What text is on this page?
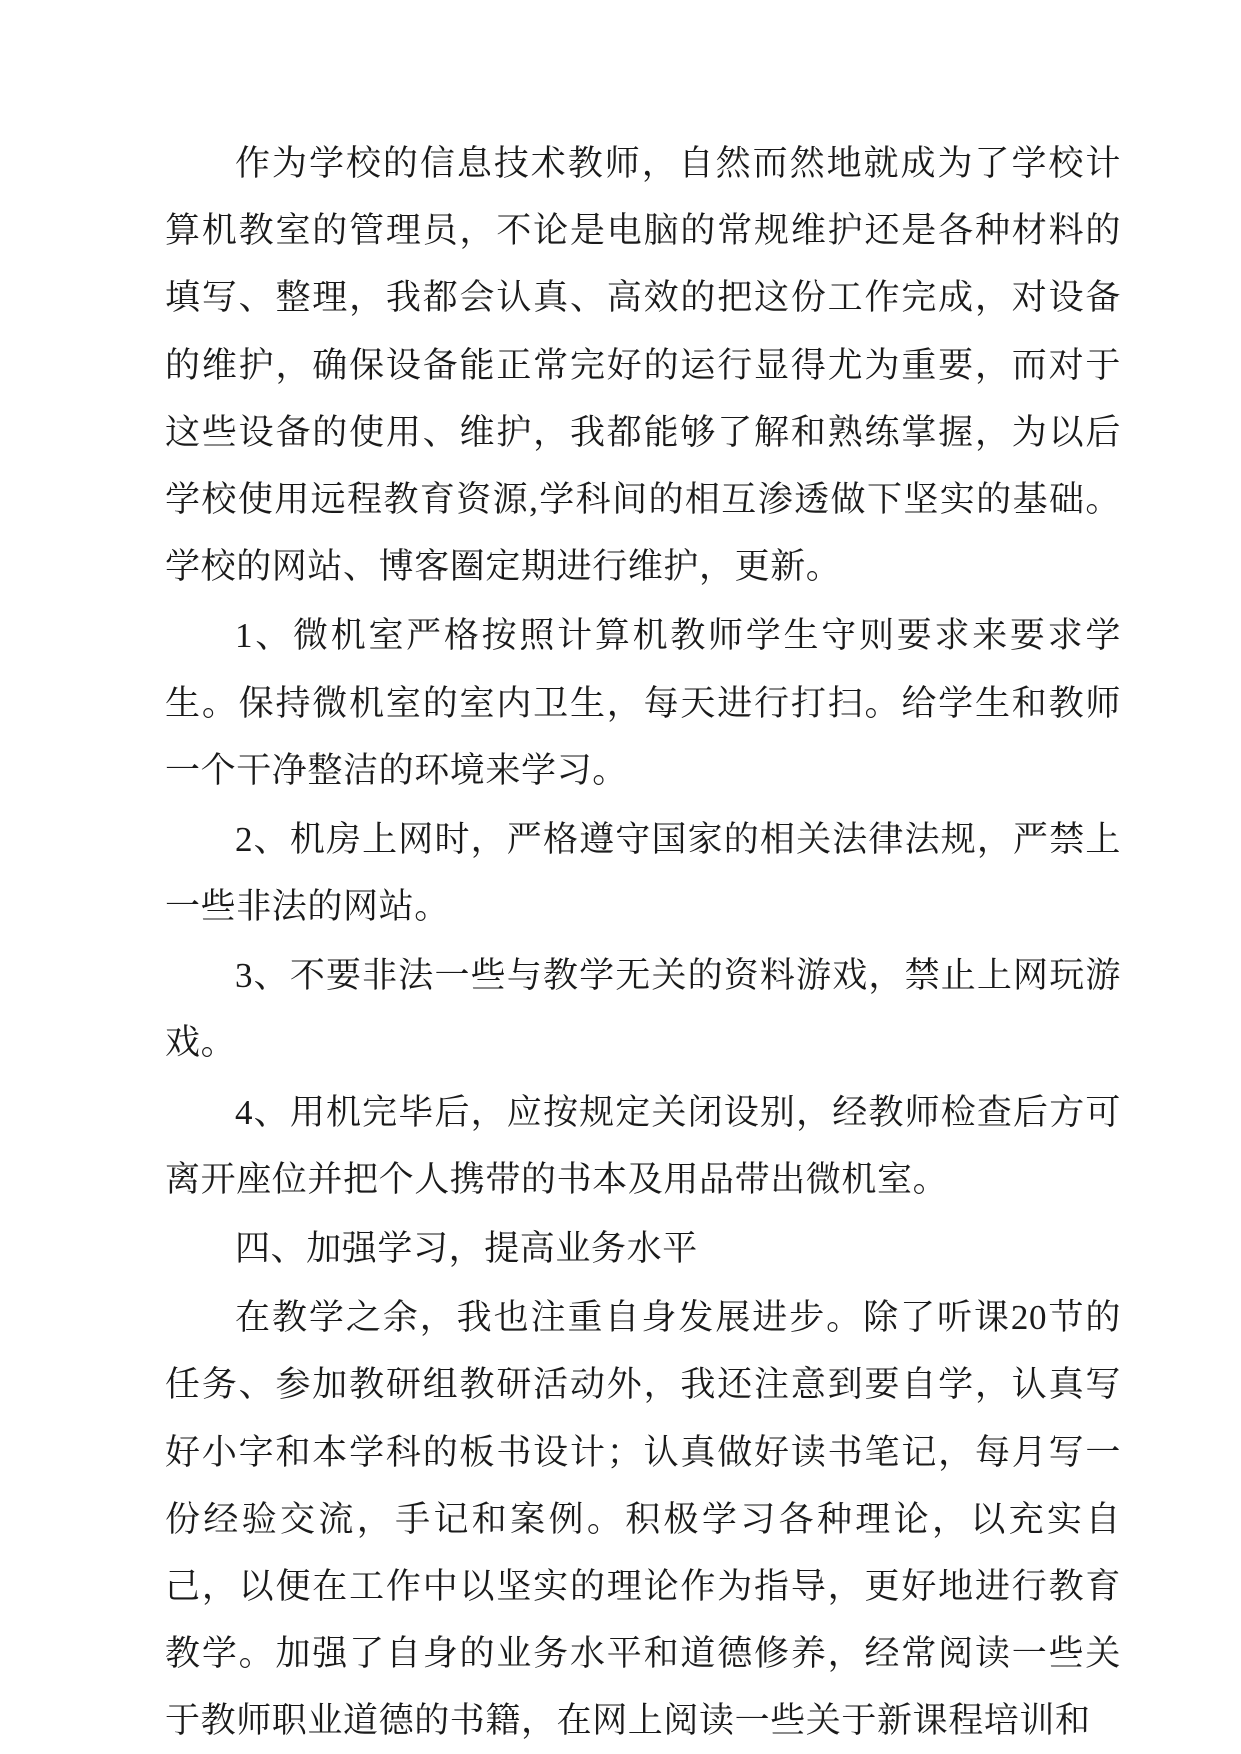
作为学校的信息技术教师，自然而然地就成为了学校计算机教室的管理员，不论是电脑的常规维护还是各种材料的填写、整理，我都会认真、高效的把这份工作完成，对设备的维护，确保设备能正常完好的运行显得尤为重要，而对于这些设备的使用、维护，我都能够了解和熟练掌握，为以后学校使用远程教育资源,学科间的相互渗透做下坚实的基础。学校的网站、博客圈定期进行维护，更新。

1、微机室严格按照计算机教师学生守则要求来要求学生。保持微机室的室内卫生，每天进行打扫。给学生和教师一个干净整洁的环境来学习。

2、机房上网时，严格遵守国家的相关法律法规，严禁上一些非法的网站。

3、不要非法一些与教学无关的资料游戏，禁止上网玩游戏。

4、用机完毕后，应按规定关闭设别，经教师检查后方可离开座位并把个人携带的书本及用品带出微机室。

四、加强学习，提高业务水平

在教学之余，我也注重自身发展进步。除了听课20节的任务、参加教研组教研活动外，我还注意到要自学，认真写好小字和本学科的板书设计；认真做好读书笔记，每月写一份经验交流，手记和案例。积极学习各种理论，以充实自己，以便在工作中以坚实的理论作为指导，更好地进行教育教学。加强了自身的业务水平和道德修养，经常阅读一些关于教师职业道德的书籍，在网上阅读一些关于新课程培训和
